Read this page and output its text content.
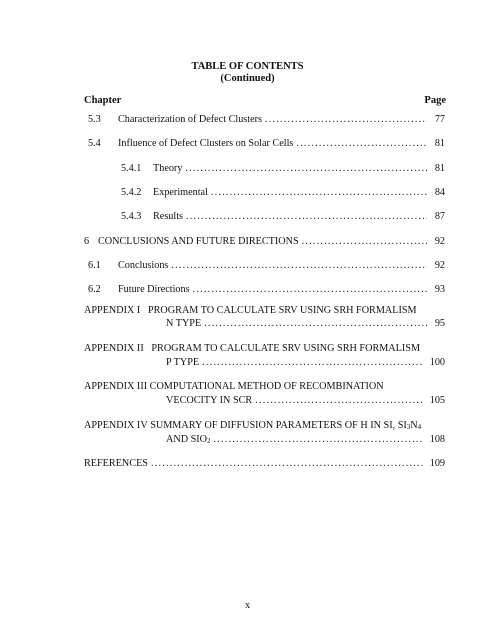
TABLE OF CONTENTS
(Continued)
Chapter	Page
5.3	Characterization of Defect Clusters .....	77
5.4	Influence of Defect Clusters on Solar Cells .....	81
5.4.1	Theory .....	81
5.4.2	Experimental .....	84
5.4.3	Results .....	87
6 CONCLUSIONS AND FUTURE DIRECTIONS .....	92
6.1	Conclusions .....	92
6.2	Future Directions .....	93
APPENDIX I PROGRAM TO CALCULATE SRV USING SRH FORMALISM
N TYPE .....	95
APPENDIX II PROGRAM TO CALCULATE SRV USING SRH FORMALISM
P TYPE .....	100
APPENDIX III COMPUTATIONAL METHOD OF RECOMBINATION
VECOCITY IN SCR .....	105
APPENDIX IV SUMMARY OF DIFFUSION PARAMETERS OF H IN SI, SI3N4
AND SIO2 .....	108
REFERENCES .....	109
x
